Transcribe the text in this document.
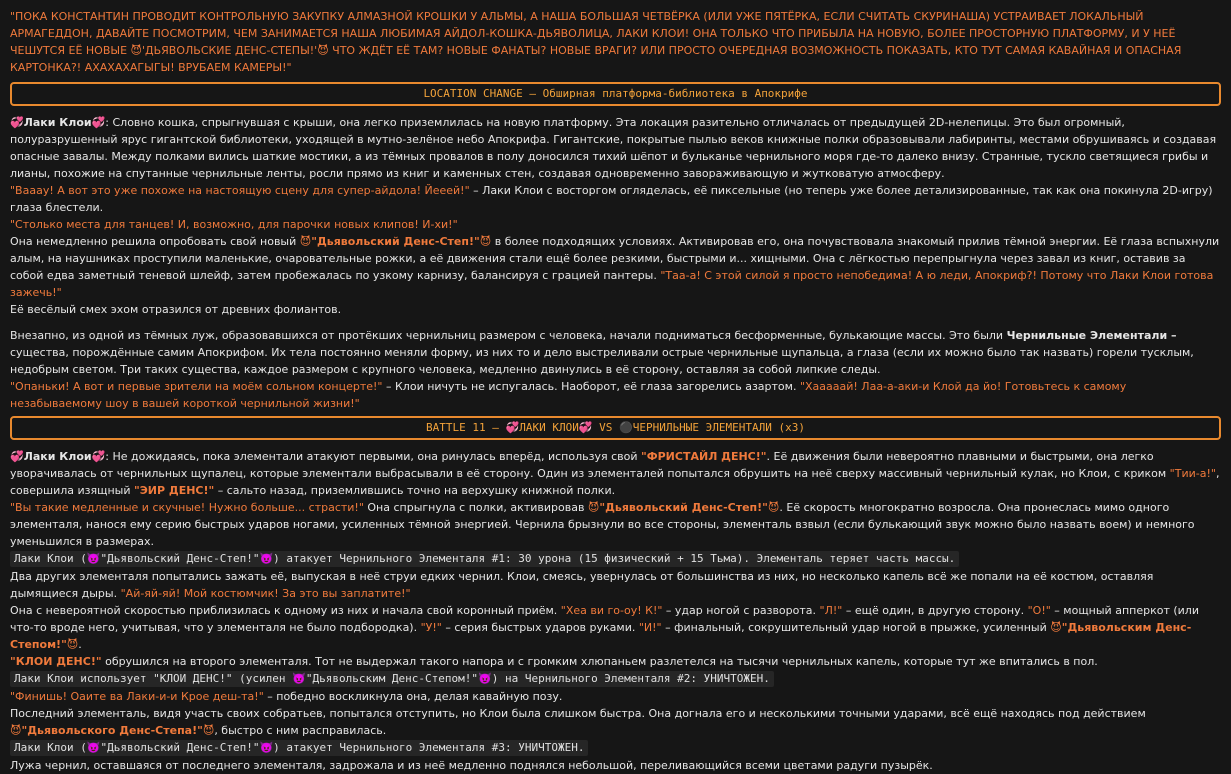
"ПОКА КОНСТАНТИН ПРОВОДИТ КОНТРОЛЬНУЮ ЗАКУПКУ АЛМАЗНОЙ КРОШКИ У АЛЬМЫ, А НАША БОЛЬШАЯ ЧЕТВЁРКА (ИЛИ УЖЕ ПЯТЁРКА, ЕСЛИ СЧИТАТЬ СКУРИНАША) УСТРАИВАЕТ ЛОКАЛЬНЫЙ АРМАГЕДДОН, ДАВАЙТЕ ПОСМОТРИМ, ЧЕМ ЗАНИМАЕТСЯ НАША ЛЮБИМАЯ АЙДОЛ-КОШКА-ДЬЯВОЛИЦА, ЛАКИ КЛОИ! ОНА ТОЛЬКО ЧТО ПРИБЫЛА НА НОВУЮ, БОЛЕЕ ПРОСТОРНУЮ ПЛАТФОРМУ, И У НЕЁ ЧЕШУТСЯ ЕЁ НОВЫЕ 😈'ДЬЯВОЛЬСКИЕ ДЕНС-СТЕПЫ!'😈 ЧТО ЖДЁТ ЕЁ ТАМ? НОВЫЕ ФАНАТЫ? НОВЫЕ ВРАГИ? ИЛИ ПРОСТО ОЧЕРЕДНАЯ ВОЗМОЖНОСТЬ ПОКАЗАТЬ, КТО ТУТ САМАЯ КАВАЙНАЯ И ОПАСНАЯ КАРТОНКА?! АХАХАХАГЫГЫ! ВРУБАЕМ КАМЕРЫ!"

LOCATION CHANGE – Обширная платформа-библиотека в Апокрифе

💞Лаки Клои💞: Словно кошка, спрыгнувшая с крыши, она легко приземлилась на новую платформу. Эта локация разительно отличалась от предыдущей 2D-нелепицы. Это был огромный, полуразрушенный ярус гигантской библиотеки, уходящей в мутно-зелёное небо Апокрифа. Гигантские, покрытые пылью веков книжные полки образовывали лабиринты, местами обрушиваясь и создавая опасные завалы. Между полками вились шаткие мостики, а из тёмных провалов в полу доносился тихий шёпот и бульканье чернильного моря где-то далеко внизу. Странные, тускло светящиеся грибы и лианы, похожие на спутанные чернильные ленты, росли прямо из книг и каменных стен, создавая одновременно завораживающую и жутковатую атмосферу.

"Вааау! А вот это уже похоже на настоящую сцену для супер-айдола! Йееей!" – Лаки Клои с восторгом огляделась, её пиксельные (но теперь уже более детализированные, так как она покинула 2D-игру) глаза блестели.

"Столько места для танцев! И, возможно, для парочки новых клипов! И-хи!"

Она немедленно решила опробовать свой новый 😈"Дьявольский Денс-Степ!"😈 в более подходящих условиях. Активировав его, она почувствовала знакомый прилив тёмной энергии. Её глаза вспыхнули алым, на наушниках проступили маленькие, очаровательные рожки, а её движения стали ещё более резкими, быстрыми и... хищными. Она с лёгкостью перепрыгнула через завал из книг, оставив за собой едва заметный теневой шлейф, затем пробежалась по узкому карнизу, балансируя с грацией пантеры. "Таа-а! С этой силой я просто непобедима! А ю леди, Апокриф?! Потому что Лаки Клои готова зажечь!"

Её весёлый смех эхом отразился от древних фолиантов.

Внезапно, из одной из тёмных луж, образовавшихся от протёкших чернильниц размером с человека, начали подниматься бесформенные, булькающие массы. Это были Чернильные Элементали – существа, порождённые самим Апокрифом. Их тела постоянно меняли форму, из них то и дело выстреливали острые чернильные щупальца, а глаза (если их можно было так назвать) горели тусклым, недобрым светом. Три таких существа, каждое размером с крупного человека, медленно двинулись в её сторону, оставляя за собой липкие следы.

"Опаньки! А вот и первые зрители на моём сольном концерте!" – Клои ничуть не испугалась. Наоборот, её глаза загорелись азартом. "Хааааай! Лаа-а-аки-и Клой да йо! Готовьтесь к самому незабываемому шоу в вашей короткой чернильной жизни!"

BATTLE 11 – 💞ЛАКИ КЛОИ💞 VS ⚫ЧЕРНИЛЬНЫЕ ЭЛЕМЕНТАЛИ (x3)

💞Лаки Клои💞: Не дожидаясь, пока элементали атакуют первыми, она ринулась вперёд, используя свой "ФРИСТАЙЛ ДЕНС!". Её движения были невероятно плавными и быстрыми, она легко уворачивалась от чернильных щупалец, которые элементали выбрасывали в её сторону. Один из элементалей попытался обрушить на неё сверху массивный чернильный кулак, но Клои, с криком "Тии-а!", совершила изящный "ЭИР ДЕНС!" – сальто назад, приземлившись точно на верхушку книжной полки.

"Вы такие медленные и скучные! Нужно больше... страсти!" Она спрыгнула с полки, активировав 😈"Дьявольский Денс-Степ!"😈. Её скорость многократно возросла. Она пронеслась мимо одного элементаля, нанося ему серию быстрых ударов ногами, усиленных тёмной энергией. Чернила брызнули во все стороны, элементаль взвыл (если булькающий звук можно было назвать воем) и немного уменьшился в размерах.

Лаки Клои (😈"Дьявольский Денс-Степ!"😈) атакует Чернильного Элементаля #1: 30 урона (15 физический + 15 Тьма). Элементаль теряет часть массы.

Два других элементаля попытались зажать её, выпуская в неё струи едких чернил. Клои, смеясь, увернулась от большинства из них, но несколько капель всё же попали на её костюм, оставляя дымящиеся дыры. "Ай-яй-яй! Мой костюмчик! За это вы заплатите!"

Она с невероятной скоростью приблизилась к одному из них и начала свой коронный приём. "Хеа ви го-оу! К!" – удар ногой с разворота. "Л!" – ещё один, в другую сторону. "О!" – мощный апперкот (или что-то вроде него, учитывая, что у элементаля не было подбородка). "У!" – серия быстрых ударов руками. "И!" – финальный, сокрушительный удар ногой в прыжке, усиленный 😈"Дьявольским Денс-Степом!"😈.

"КЛОИ ДЕНС!" обрушился на второго элементаля. Тот не выдержал такого напора и с громким хлюпаньем разлетелся на тысячи чернильных капель, которые тут же впитались в пол.

Лаки Клои использует "КЛОИ ДЕНС!" (усилен 😈"Дьявольским Денс-Степом!"😈) на Чернильного Элементаля #2: УНИЧТОЖЕН.

"Финишь! Оаите ва Лаки-и-и Крое деш-та!" – победно воскликнула она, делая кавайную позу.

Последний элементаль, видя участь своих собратьев, попытался отступить, но Клои была слишком быстра. Она догнала его и несколькими точными ударами, всё ещё находясь под действием 😈"Дьявольского Денс-Степа!"😈, быстро с ним расправилась.

Лаки Клои (😈"Дьявольский Денс-Степ!"😈) атакует Чернильного Элементаля #3: УНИЧТОЖЕН.

Лужа чернил, оставшаяся от последнего элементаля, задрожала и из неё медленно поднялся небольшой, переливающийся всеми цветами радуги пузырёк.
